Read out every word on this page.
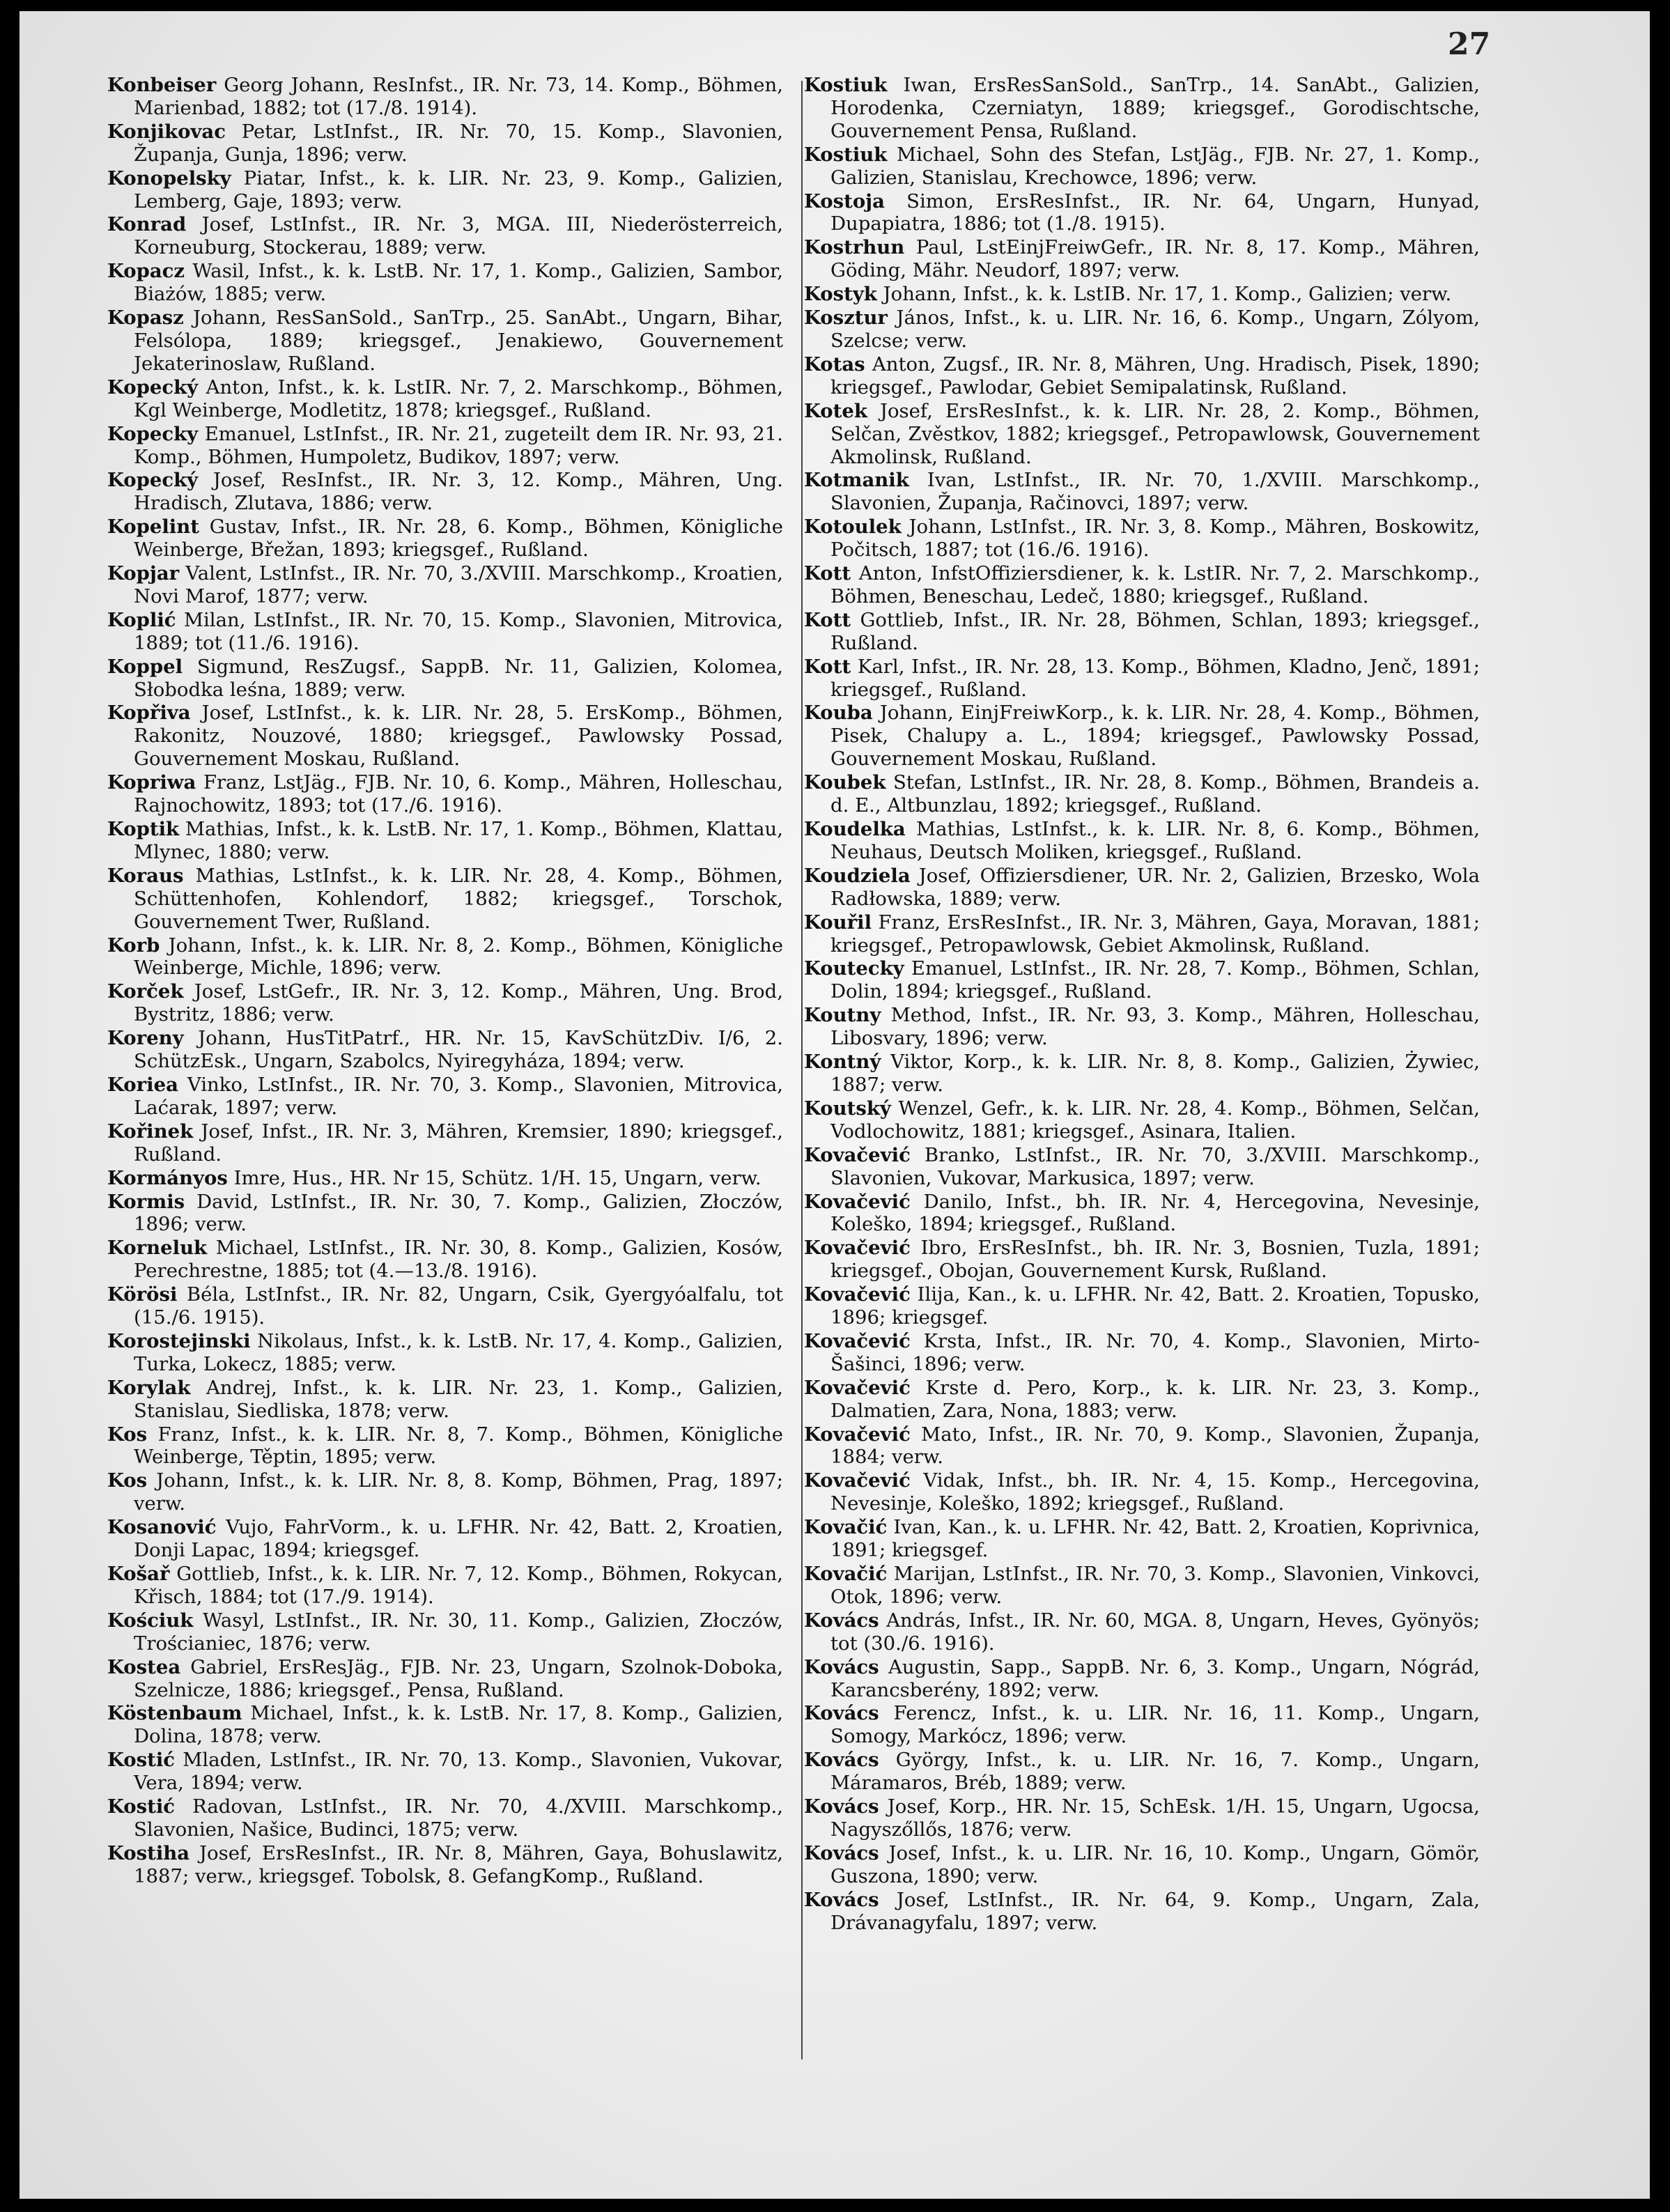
27

Konbeiser Georg Johann, ResInfst., IR. Nr. 73, 14. Komp., Böhmen, Marienbad, 1882; tot (17./8. 1914).

Konjikovac Petar, LstInfst., IR. Nr. 70, 15. Komp., Slavonien, Županja, Gunja, 1896; verw.

Konopelsky Piatar, Infst., k. k. LIR. Nr. 23, 9. Komp., Galizien, Lemberg, Gaje, 1893; verw.

Konrad Josef, LstInfst., IR. Nr. 3, MGA. III, Niederösterreich, Korneuburg, Stockerau, 1889; verw.

Kopacz Wasil, Infst., k. k. LstB. Nr. 17, 1. Komp., Galizien, Sambor, Biażów, 1885; verw.

Kopasz Johann, ResSanSold., SanTrp., 25. SanAbt., Ungarn, Bihar, Felsólopa, 1889; kriegsgef., Jenakiewo, Gouvernement Jekaterinoslaw, Rußland.

Kopecký Anton, Infst., k. k. LstIR. Nr. 7, 2. Marschkomp., Böhmen, Kgl Weinberge, Modletitz, 1878; kriegsgef., Rußland.

Kopecky Emanuel, LstInfst., IR. Nr. 21, zugeteilt dem IR. Nr. 93, 21. Komp., Böhmen, Humpoletz, Budikov, 1897; verw.

Kopecký Josef, ResInfst., IR. Nr. 3, 12. Komp., Mähren, Ung. Hradisch, Zlutava, 1886; verw.

Kopelint Gustav, Infst., IR. Nr. 28, 6. Komp., Böhmen, Königliche Weinberge, Břežan, 1893; kriegsgef., Rußland.

Kopjar Valent, LstInfst., IR. Nr. 70, 3./XVIII. Marschkomp., Kroatien, Novi Marof, 1877; verw.

Koplić Milan, LstInfst., IR. Nr. 70, 15. Komp., Slavonien, Mitrovica, 1889; tot (11./6. 1916).

Koppel Sigmund, ResZugsf., SappB. Nr. 11, Galizien, Kolomea, Słobodka leśna, 1889; verw.

Kopřiva Josef, LstInfst., k. k. LIR. Nr. 28, 5. ErsKomp., Böhmen, Rakonitz, Nouzové, 1880; kriegsgef., Pawlowsky Possad, Gouvernement Moskau, Rußland.

Kopriwa Franz, LstJäg., FJB. Nr. 10, 6. Komp., Mähren, Holleschau, Rajnochowitz, 1893; tot (17./6. 1916).

Koptik Mathias, Infst., k. k. LstB. Nr. 17, 1. Komp., Böhmen, Klattau, Mlynec, 1880; verw.

Koraus Mathias, LstInfst., k. k. LIR. Nr. 28, 4. Komp., Böhmen, Schüttenhofen, Kohlendorf, 1882; kriegsgef., Torschok, Gouvernement Twer, Rußland.

Korb Johann, Infst., k. k. LIR. Nr. 8, 2. Komp., Böhmen, Königliche Weinberge, Michle, 1896; verw.

Korček Josef, LstGefr., IR. Nr. 3, 12. Komp., Mähren, Ung. Brod, Bystritz, 1886; verw.

Koreny Johann, HusTitPatrf., HR. Nr. 15, KavSchützDiv. I/6, 2. SchützEsk., Ungarn, Szabolcs, Nyiregyháza, 1894; verw.

Koriea Vinko, LstInfst., IR. Nr. 70, 3. Komp., Slavonien, Mitrovica, Laćarak, 1897; verw.

Kořinek Josef, Infst., IR. Nr. 3, Mähren, Kremsier, 1890; kriegsgef., Rußland.

Kormányos Imre, Hus., HR. Nr 15, Schütz. 1/H. 15, Ungarn, verw.

Kormis David, LstInfst., IR. Nr. 30, 7. Komp., Galizien, Złoczów, 1896; verw.

Korneluk Michael, LstInfst., IR. Nr. 30, 8. Komp., Galizien, Kosów, Perechrestne, 1885; tot (4.—13./8. 1916).

Körösi Béla, LstInfst., IR. Nr. 82, Ungarn, Csik, Gyergyóalfalu, tot (15./6. 1915).

Korostejinski Nikolaus, Infst., k. k. LstB. Nr. 17, 4. Komp., Galizien, Turka, Lokecz, 1885; verw.

Korylak Andrej, Infst., k. k. LIR. Nr. 23, 1. Komp., Galizien, Stanislau, Siedliska, 1878; verw.

Kos Franz, Infst., k. k. LIR. Nr. 8, 7. Komp., Böhmen, Königliche Weinberge, Těptin, 1895; verw.

Kos Johann, Infst., k. k. LIR. Nr. 8, 8. Komp, Böhmen, Prag, 1897; verw.

Kosanović Vujo, FahrVorm., k. u. LFHR. Nr. 42, Batt. 2, Kroatien, Donji Lapac, 1894; kriegsgef.

Košař Gottlieb, Infst., k. k. LIR. Nr. 7, 12. Komp., Böhmen, Rokycan, Křisch, 1884; tot (17./9. 1914).

Kościuk Wasyl, LstInfst., IR. Nr. 30, 11. Komp., Galizien, Złoczów, Trościaniec, 1876; verw.

Kostea Gabriel, ErsResJäg., FJB. Nr. 23, Ungarn, Szolnok-Doboka, Szelnicze, 1886; kriegsgef., Pensa, Rußland.

Köstenbaum Michael, Infst., k. k. LstB. Nr. 17, 8. Komp., Galizien, Dolina, 1878; verw.

Kostić Mladen, LstInfst., IR. Nr. 70, 13. Komp., Slavonien, Vukovar, Vera, 1894; verw.

Kostić Radovan, LstInfst., IR. Nr. 70, 4./XVIII. Marschkomp., Slavonien, Našice, Budinci, 1875; verw.

Kostiha Josef, ErsResInfst., IR. Nr. 8, Mähren, Gaya, Bohuslawitz, 1887; verw., kriegsgef. Tobolsk, 8. GefangKomp., Rußland.

Kostiuk Iwan, ErsResSanSold., SanTrp., 14. SanAbt., Galizien, Horodenka, Czerniatyn, 1889; kriegsgef., Gorodischtsche, Gouvernement Pensa, Rußland.

Kostiuk Michael, Sohn des Stefan, LstJäg., FJB. Nr. 27, 1. Komp., Galizien, Stanislau, Krechowce, 1896; verw.

Kostoja Simon, ErsResInfst., IR. Nr. 64, Ungarn, Hunyad, Dupapiatra, 1886; tot (1./8. 1915).

Kostrhun Paul, LstEinjFreiwGefr., IR. Nr. 8, 17. Komp., Mähren, Göding, Mähr. Neudorf, 1897; verw.

Kostyk Johann, Infst., k. k. LstIB. Nr. 17, 1. Komp., Galizien; verw.

Kosztur János, Infst., k. u. LIR. Nr. 16, 6. Komp., Ungarn, Zólyom, Szelcse; verw.

Kotas Anton, Zugsf., IR. Nr. 8, Mähren, Ung. Hradisch, Pisek, 1890; kriegsgef., Pawlodar, Gebiet Semipalatinsk, Rußland.

Kotek Josef, ErsResInfst., k. k. LIR. Nr. 28, 2. Komp., Böhmen, Selčan, Zvěstkov, 1882; kriegsgef., Petropawlowsk, Gouvernement Akmolinsk, Rußland.

Kotmanik Ivan, LstInfst., IR. Nr. 70, 1./XVIII. Marschkomp., Slavonien, Županja, Račinovci, 1897; verw.

Kotoulek Johann, LstInfst., IR. Nr. 3, 8. Komp., Mähren, Boskowitz, Počitsch, 1887; tot (16./6. 1916).

Kott Anton, InfstOffiziersdiener, k. k. LstIR. Nr. 7, 2. Marschkomp., Böhmen, Beneschau, Ledeč, 1880; kriegsgef., Rußland.

Kott Gottlieb, Infst., IR. Nr. 28, Böhmen, Schlan, 1893; kriegsgef., Rußland.

Kott Karl, Infst., IR. Nr. 28, 13. Komp., Böhmen, Kladno, Jenč, 1891; kriegsgef., Rußland.

Kouba Johann, EinjFreiwKorp., k. k. LIR. Nr. 28, 4. Komp., Böhmen, Pisek, Chalupy a. L., 1894; kriegsgef., Pawlowsky Possad, Gouvernement Moskau, Rußland.

Koubek Stefan, LstInfst., IR. Nr. 28, 8. Komp., Böhmen, Brandeis a. d. E., Altbunzlau, 1892; kriegsgef., Rußland.

Koudelka Mathias, LstInfst., k. k. LIR. Nr. 8, 6. Komp., Böhmen, Neuhaus, Deutsch Moliken, kriegsgef., Rußland.

Koudziela Josef, Offiziersdiener, UR. Nr. 2, Galizien, Brzesko, Wola Radłowska, 1889; verw.

Kouřil Franz, ErsResInfst., IR. Nr. 3, Mähren, Gaya, Moravan, 1881; kriegsgef., Petropawlowsk, Gebiet Akmolinsk, Rußland.

Koutecky Emanuel, LstInfst., IR. Nr. 28, 7. Komp., Böhmen, Schlan, Dolin, 1894; kriegsgef., Rußland.

Koutny Method, Infst., IR. Nr. 93, 3. Komp., Mähren, Holleschau, Libosvary, 1896; verw.

Kontný Viktor, Korp., k. k. LIR. Nr. 8, 8. Komp., Galizien, Żywiec, 1887; verw.

Koutský Wenzel, Gefr., k. k. LIR. Nr. 28, 4. Komp., Böhmen, Selčan, Vodlochowitz, 1881; kriegsgef., Asinara, Italien.

Kovačević Branko, LstInfst., IR. Nr. 70, 3./XVIII. Marschkomp., Slavonien, Vukovar, Markusica, 1897; verw.

Kovačević Danilo, Infst., bh. IR. Nr. 4, Hercegovina, Nevesinje, Koleško, 1894; kriegsgef., Rußland.

Kovačević Ibro, ErsResInfst., bh. IR. Nr. 3, Bosnien, Tuzla, 1891; kriegsgef., Obojan, Gouvernement Kursk, Rußland.

Kovačević Ilija, Kan., k. u. LFHR. Nr. 42, Batt. 2. Kroatien, Topusko, 1896; kriegsgef.

Kovačević Krsta, Infst., IR. Nr. 70, 4. Komp., Slavonien, Mirto-Šašinci, 1896; verw.

Kovačević Krste d. Pero, Korp., k. k. LIR. Nr. 23, 3. Komp., Dalmatien, Zara, Nona, 1883; verw.

Kovačević Mato, Infst., IR. Nr. 70, 9. Komp., Slavonien, Županja, 1884; verw.

Kovačević Vidak, Infst., bh. IR. Nr. 4, 15. Komp., Hercegovina, Nevesinje, Koleško, 1892; kriegsgef., Rußland.

Kovačić Ivan, Kan., k. u. LFHR. Nr. 42, Batt. 2, Kroatien, Koprivnica, 1891; kriegsgef.

Kovačić Marijan, LstInfst., IR. Nr. 70, 3. Komp., Slavonien, Vinkovci, Otok, 1896; verw.

Kovács András, Infst., IR. Nr. 60, MGA. 8, Ungarn, Heves, Gyönyös; tot (30./6. 1916).

Kovács Augustin, Sapp., SappB. Nr. 6, 3. Komp., Ungarn, Nógrád, Karancsberény, 1892; verw.

Kovács Ferencz, Infst., k. u. LIR. Nr. 16, 11. Komp., Ungarn, Somogy, Markócz, 1896; verw.

Kovács György, Infst., k. u. LIR. Nr. 16, 7. Komp., Ungarn, Máramaros, Bréb, 1889; verw.

Kovács Josef, Korp., HR. Nr. 15, SchEsk. 1/H. 15, Ungarn, Ugocsa, Nagyszőllős, 1876; verw.

Kovács Josef, Infst., k. u. LIR. Nr. 16, 10. Komp., Ungarn, Gömör, Guszona, 1890; verw.

Kovács Josef, LstInfst., IR. Nr. 64, 9. Komp., Ungarn, Zala, Drávanagyfalu, 1897; verw.
